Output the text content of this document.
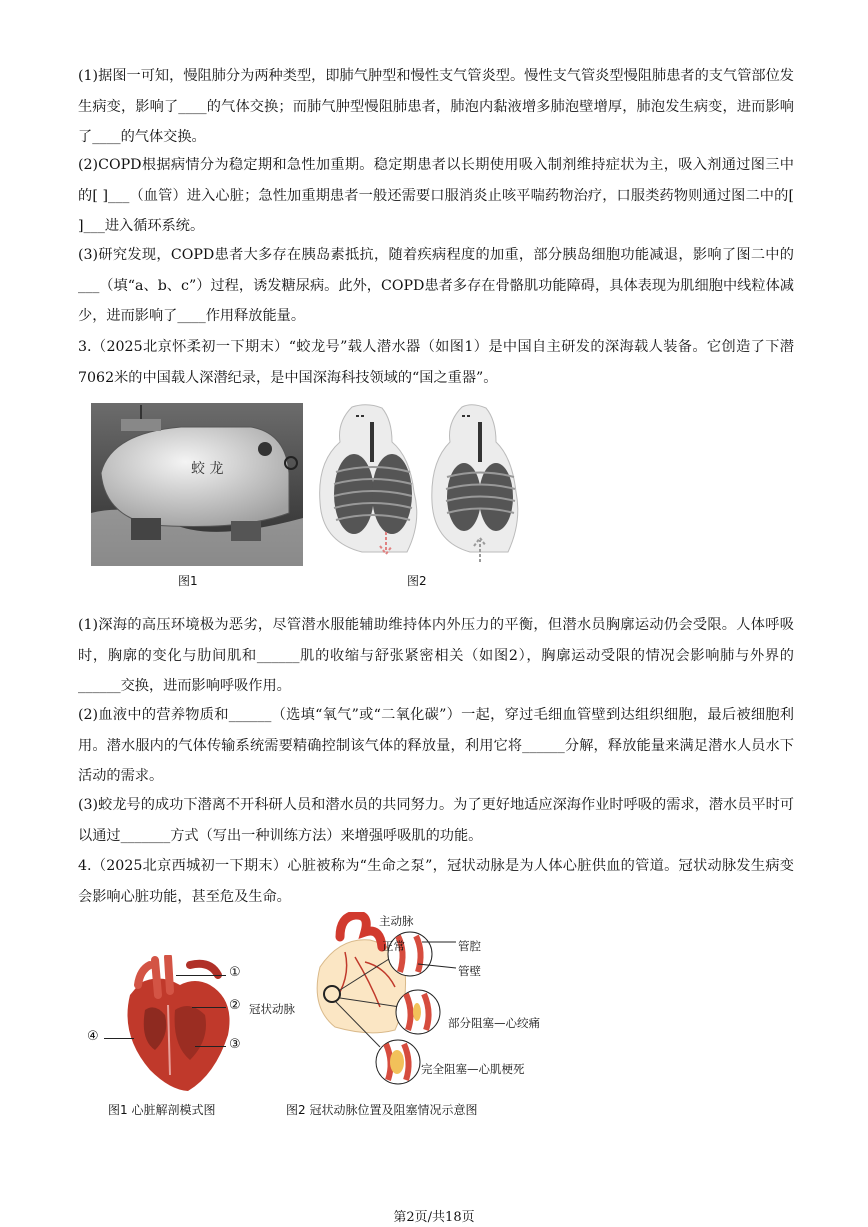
(1)据图一可知，慢阻肺分为两种类型，即肺气肿型和慢性支气管炎型。慢性支气管炎型慢阻肺患者的支气管部位发生病变，影响了____的气体交换；而肺气肿型慢阻肺患者，肺泡内黏液增多肺泡壁增厚，肺泡发生病变，进而影响了____的气体交换。
(2)COPD根据病情分为稳定期和急性加重期。稳定期患者以长期使用吸入制剂维持症状为主，吸入剂通过图三中的[ ]___（血管）进入心脏；急性加重期患者一般还需要口服消炎止咳平喘药物治疗，口服类药物则通过图二中的[ ]___进入循环系统。
(3)研究发现，COPD患者大多存在胰岛素抵抗，随着疾病程度的加重，部分胰岛细胞功能减退，影响了图二中的___（填“a、b、c”）过程，诱发糖尿病。此外，COPD患者多存在骨骼肌功能障碍，具体表现为肌细胞中线粒体减少，进而影响了____作用释放能量。
3.（2025北京怀柔初一下期末）“蛟龙号”载人潜水器（如图1）是中国自主研发的深海载人装备。它创造了下潜7062米的中国载人深潜纪录，是中国深海科技领域的“国之重器”。
蛟 龙
图1	图2
(1)深海的高压环境极为恶劣，尽管潜水服能辅助维持体内外压力的平衡，但潜水员胸廓运动仍会受限。人体呼吸时，胸廓的变化与肋间肌和______肌的收缩与舒张紧密相关（如图2），胸廓运动受限的情况会影响肺与外界的______交换，进而影响呼吸作用。
(2)血液中的营养物质和______（选填“氧气”或“二氧化碳”）一起，穿过毛细血管壁到达组织细胞，最后被细胞利用。潜水服内的气体传输系统需要精确控制该气体的释放量，利用它将______分解，释放能量来满足潜水人员水下活动的需求。
(3)蛟龙号的成功下潜离不开科研人员和潜水员的共同努力。为了更好地适应深海作业时呼吸的需求，潜水员平时可以通过_______方式（写出一种训练方法）来增强呼吸肌的功能。
4.（2025北京西城初一下期末）心脏被称为“生命之泵”，冠状动脉是为人体心脏供血的管道。冠状动脉发生病变会影响心脏功能，甚至危及生命。
①
②
③
④
图1 心脏解剖模式图
主动脉
正常	管腔
管壁
冠状动脉
部分阻塞—心绞痛
完全阻塞—心肌梗死
图2 冠状动脉位置及阻塞情况示意图
第2页/共18页
